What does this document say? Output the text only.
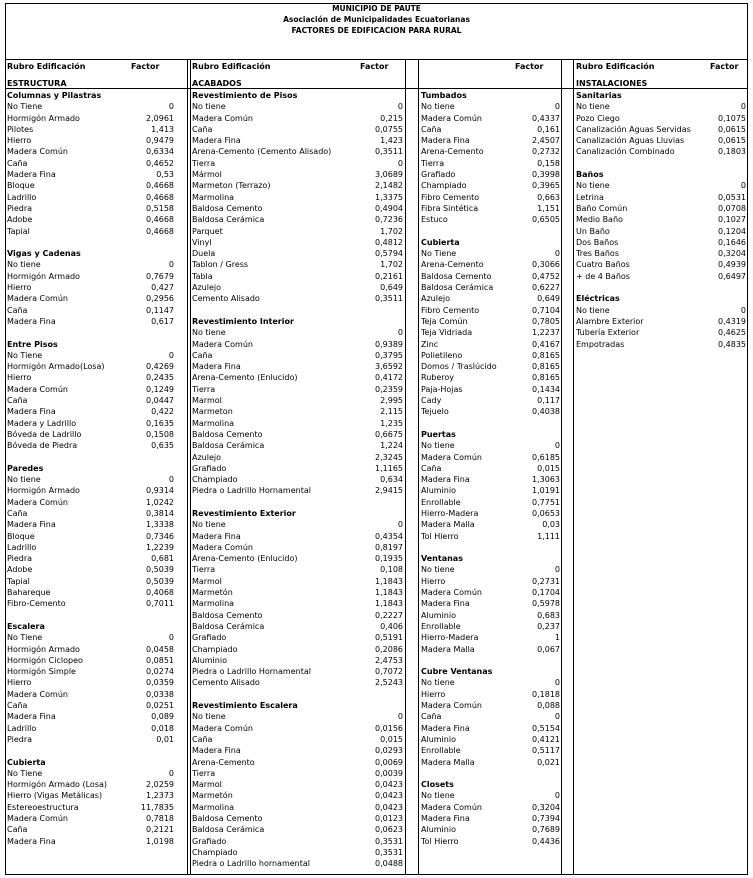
MUNICIPIO DE PAUTE
Asociación de Municipalidades Ecuatorianas
FACTORES DE EDIFICACION PARA RURAL
Rubro Edificación	Factor
ESTRUCTURA
Rubro Edificación	Factor
ACABADOS
Factor	Rubro Edificación	Factor
INSTALACIONES
Columnas y Pilastras
No Tiene	0
Hormigón Armado	2,0961
Pilotes	1,413
Hierro	0,9479
Madera Común	0,6334
Caña	0,4652
Madera Fina	0,53
Bloque	0,4668
Ladrillo	0,4668
Piedra	0,5158
Adobe	0,4668
Tapial	0,4668
Vigas y Cadenas
No tiene	0
Hormigón Armado	0,7679
Hierro	0,427
Madera Común	0,2956
Caña	0,1147
Madera Fina	0,617
Entre Pisos
No Tiene	0
Hormigón Armado(Losa)	0,4269
Hierro	0,2435
Madera Común	0,1249
Caña	0,0447
Madera Fina	0,422
Madera y Ladrillo	0,1635
Bóveda de Ladrillo	0,1508
Bóveda de Piedra	0,635
Paredes
No tiene	0
Hormigón Armado	0,9314
Madera Común	1,0242
Caña	0,3814
Madera Fina	1,3338
Bloque	0,7346
Ladrillo	1,2239
Piedra	0,681
Adobe	0,5039
Tapial	0,5039
Bahareque	0,4068
Fibro-Cemento	0,7011
Escalera
No Tiene	0
Hormigón Armado	0,0458
Hormigón Ciclopeo	0,0851
Hormigón Simple	0,0274
Hierro	0,0359
Madera Común	0,0338
Caña	0,0251
Madera Fina	0,089
Ladrillo	0,018
Piedra	0,01
Cubierta
No Tiene	0
Hormigón Armado (Losa)	2,0259
Hierro (Vigas Metálicas)	1,2373
Estereoestructura	11,7835
Madera Común	0,7818
Caña	0,2121
Madera Fina	1,0198
Revestimiento de Pisos
No tiene	0
Madera Común	0,215
Caña	0,0755
Madera Fina	1,423
Arena-Cemento (Cemento Alisado)	0,3511
Tierra	0
Mármol	3,0689
Marmeton (Terrazo)	2,1482
Marmolina	1,3375
Baldosa Cemento	0,4904
Baldosa Cerámica	0,7236
Parquet	1,702
Vinyl	0,4812
Duela	0,5794
Tablon / Gress	1,702
Tabla	0,2161
Azulejo	0,649
Cemento Alisado	0,3511
Revestimiento Interior
No tiene	0
Madera Común	0,9389
Caña	0,3795
Madera Fina	3,6592
Arena-Cemento (Enlucido)	0,4172
Tierra	0,2359
Marmol	2,995
Marmeton	2,115
Marmolina	1,235
Baldosa Cemento	0,6675
Baldosa Cerámica	1,224
Azulejo	2,3245
Grafiado	1,1165
Champiado	0,634
Piedra o Ladrillo Hornamental	2,9415
Revestimiento Exterior
No tiene	0
Madera Fina	0,4354
Madera Común	0,8197
Arena-Cemento (Enlucido)	0,1935
Tierra	0,108
Marmol	1,1843
Marmetón	1,1843
Marmolina	1,1843
Baldosa Cemento	0,2227
Baldosa Cerámica	0,406
Grafiado	0,5191
Champiado	0,2086
Aluminio	2,4753
Piedra o Ladrillo Hornamental	0,7072
Cemento Alisado	2,5243
Revestimiento Escalera
No tiene	0
Madera Común	0,0156
Caña	0,015
Madera Fina	0,0293
Arena-Cemento	0,0069
Tierra	0,0039
Marmol	0,0423
Marmetón	0,0423
Marmolina	0,0423
Baldosa Cemento	0,0123
Baldosa Cerámica	0,0623
Grafiado	0,3531
Champiado	0,3531
Piedra o Ladrillo hornamental	0,0488
Tumbados
No tiene	0
Madera Común	0,4337
Caña	0,161
Madera Fina	2,4507
Arena-Cemento	0,2732
Tierra	0,158
Grafiado	0,3998
Champiado	0,3965
Fibro Cemento	0,663
Fibra Sintética	1,151
Estuco	0,6505
Cubierta
No Tiene	0
Arena-Cemento	0,3066
Baldosa Cemento	0,4752
Baldosa Cerámica	0,6227
Azulejo	0,649
Fibro Cemento	0,7104
Teja Común	0,7805
Teja Vidriada	1,2237
Zinc	0,4167
Polietileno	0,8165
Domos / Traslúcido	0,8165
Ruberoy	0,8165
Paja-Hojas	0,1434
Cady	0,117
Tejuelo	0,4038
Puertas
No tiene	0
Madera Común	0,6185
Caña	0,015
Madera Fina	1,3063
Aluminio	1,0191
Enrollable	0,7751
Hierro-Madera	0,0653
Madera Malla	0,03
Tol Hierro	1,111
Ventanas
No tiene	0
Hierro	0,2731
Madera Común	0,1704
Madera Fina	0,5978
Aluminio	0,683
Enrollable	0,237
Hierro-Madera	1
Madera Malla	0,067
Cubre Ventanas
No tiene	0
Hierro	0,1818
Madera Común	0,088
Caña	0
Madera Fina	0,5154
Aluminio	0,4121
Enrollable	0,5117
Madera Malla	0,021
Closets
No tiene	0
Madera Común	0,3204
Madera Fina	0,7394
Aluminio	0,7689
Tol Hierro	0,4436
Sanitarias
No tiene	0
Pozo Ciego	0,1075
Canalización Aguas Servidas	0,0615
Canalización Aguas Lluvias	0,0615
Canalización Combinado	0,1803
Baños
No tiene	0
Letrina	0,0531
Baño Común	0,0708
Medio Baño	0,1027
Un Baño	0,1204
Dos Baños	0,1646
Tres Baños	0,3204
Cuatro Baños	0,4939
+ de 4 Baños	0,6497
Eléctricas
No tiene	0
Alambre Exterior	0,4319
Tubería Exterior	0,4625
Empotradas	0,4835
